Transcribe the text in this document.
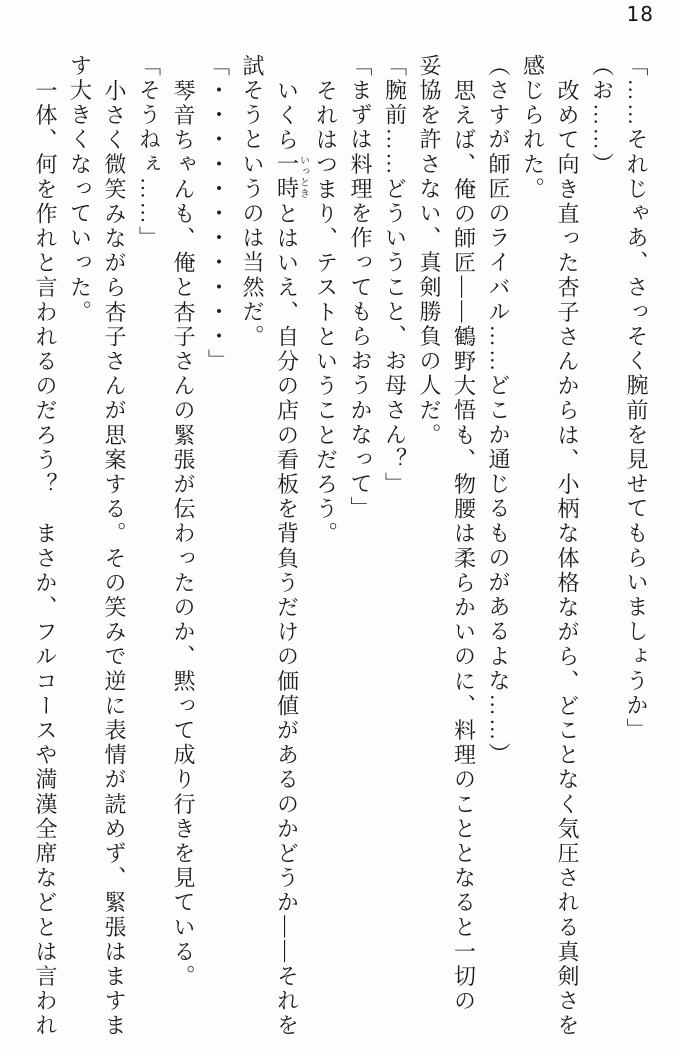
18

「……それじゃあ、さっそく腕前を見せてもらいましょうか」

（お……）

改めて向き直った杏子さんからは、小柄な体格ながら、どことなく気圧される真剣さを

感じられた。

（さすが師匠のライバル……どこか通じるものがあるよな……）

思えば、俺の師匠――鶴野大悟も、物腰は柔らかいのに、料理のこととなると一切の

妥協を許さない、真剣勝負の人だ。

「腕前……どういうこと、お母さん？」

「まずは料理を作ってもらおうかなって」

それはつまり、テストということだろう。

いくら一時いっときとはいえ、自分の店の看板を背負うだけの価値があるのかどうか――それを

試そうというのは当然だ。

「・・・・・・・・・・・」

琴音ちゃんも、俺と杏子さんの緊張が伝わったのか、黙って成り行きを見ている。

「そうねぇ……」

小さく微笑みながら杏子さんが思案する。その笑みで逆に表情が読めず、緊張はますま

す大きくなっていった。

一体、何を作れと言われるのだろう？　まさか、フルコースや満漢全席などとは言われ
